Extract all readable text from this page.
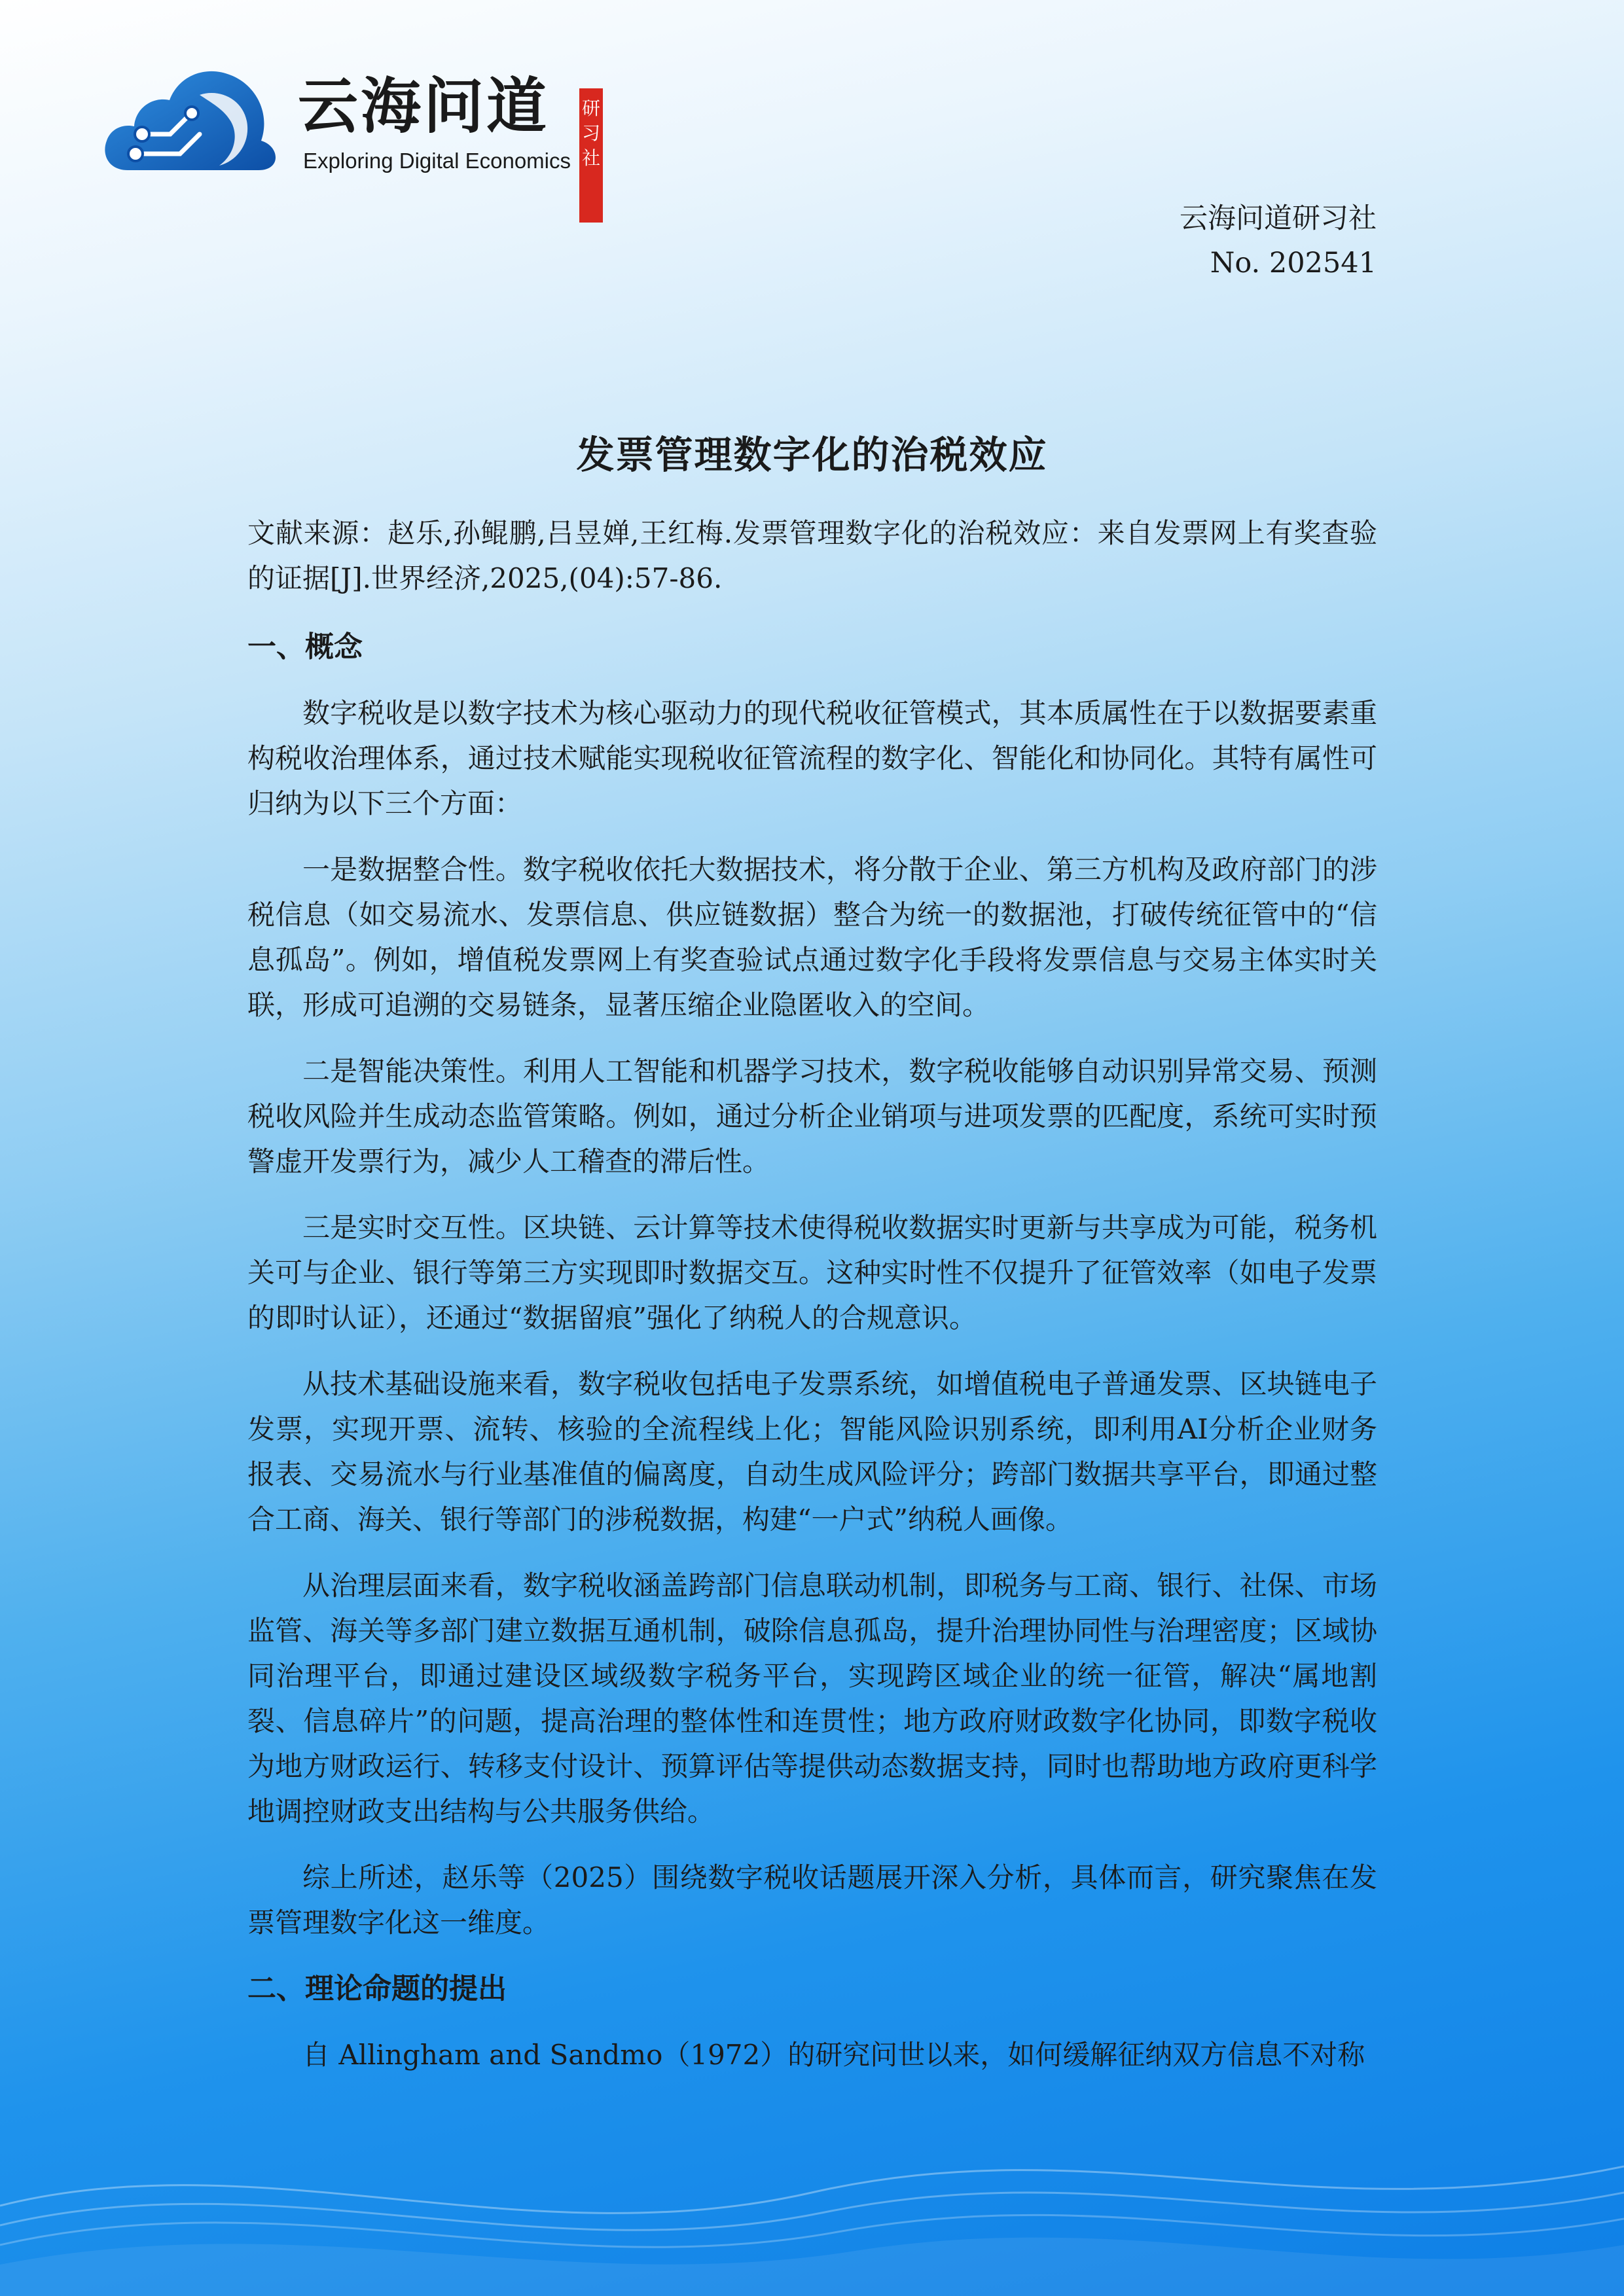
云海问道
Exploring Digital Economics
研
习
社
云海问道研习社
No. 202541
发票管理数字化的治税效应

文献来源：赵乐,孙鲲鹏,吕昱婵,王红梅.发票管理数字化的治税效应：来自发票网上有奖查验的证据[J].世界经济,2025,(04):57-86.

一、概念

数字税收是以数字技术为核心驱动力的现代税收征管模式，其本质属性在于以数据要素重构税收治理体系，通过技术赋能实现税收征管流程的数字化、智能化和协同化。其特有属性可归纳为以下三个方面：

一是数据整合性。数字税收依托大数据技术，将分散于企业、第三方机构及政府部门的涉税信息（如交易流水、发票信息、供应链数据）整合为统一的数据池，打破传统征管中的“信息孤岛”。例如，增值税发票网上有奖查验试点通过数字化手段将发票信息与交易主体实时关联，形成可追溯的交易链条，显著压缩企业隐匿收入的空间。

二是智能决策性。利用人工智能和机器学习技术，数字税收能够自动识别异常交易、预测税收风险并生成动态监管策略。例如，通过分析企业销项与进项发票的匹配度，系统可实时预警虚开发票行为，减少人工稽查的滞后性。

三是实时交互性。区块链、云计算等技术使得税收数据实时更新与共享成为可能，税务机关可与企业、银行等第三方实现即时数据交互。这种实时性不仅提升了征管效率（如电子发票的即时认证），还通过“数据留痕”强化了纳税人的合规意识。

从技术基础设施来看，数字税收包括电子发票系统，如增值税电子普通发票、区块链电子发票，实现开票、流转、核验的全流程线上化；智能风险识别系统，即利用AI分析企业财务报表、交易流水与行业基准值的偏离度，自动生成风险评分；跨部门数据共享平台，即通过整合工商、海关、银行等部门的涉税数据，构建“一户式”纳税人画像。

从治理层面来看，数字税收涵盖跨部门信息联动机制，即税务与工商、银行、社保、市场监管、海关等多部门建立数据互通机制，破除信息孤岛，提升治理协同性与治理密度；区域协同治理平台，即通过建设区域级数字税务平台，实现跨区域企业的统一征管，解决“属地割裂、信息碎片”的问题，提高治理的整体性和连贯性；地方政府财政数字化协同，即数字税收为地方财政运行、转移支付设计、预算评估等提供动态数据支持，同时也帮助地方政府更科学地调控财政支出结构与公共服务供给。

综上所述，赵乐等（2025）围绕数字税收话题展开深入分析，具体而言，研究聚焦在发票管理数字化这一维度。

二、理论命题的提出

自 Allingham and Sandmo（1972）的研究问世以来，如何缓解征纳双方信息不对称
